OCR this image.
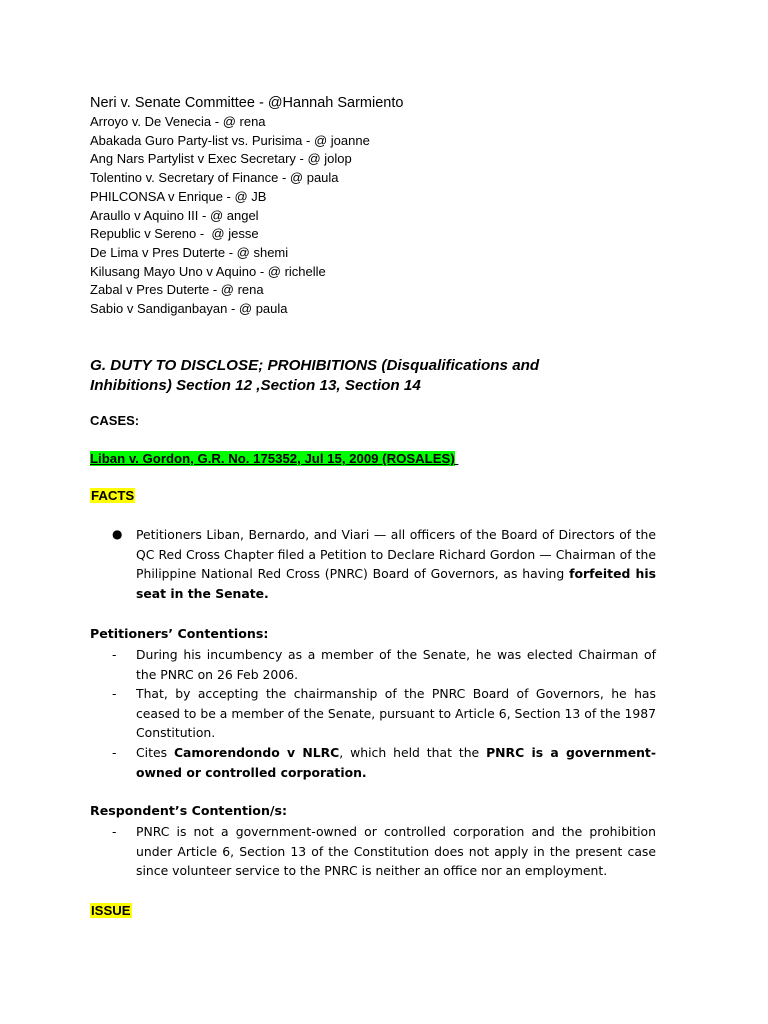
Neri v. Senate Committee - @Hannah Sarmiento
Arroyo v. De Venecia - @ rena
Abakada Guro Party-list vs. Purisima - @ joanne
Ang Nars Partylist v Exec Secretary - @ jolop
Tolentino v. Secretary of Finance - @ paula
PHILCONSA v Enrique - @ JB
Araullo v Aquino III - @ angel
Republic v Sereno -  @ jesse
De Lima v Pres Duterte - @ shemi
Kilusang Mayo Uno v Aquino - @ richelle
Zabal v Pres Duterte - @ rena
Sabio v Sandiganbayan - @ paula
G. DUTY TO DISCLOSE; PROHIBITIONS (Disqualifications and
Inhibitions) Section 12 ,Section 13, Section 14
CASES:
Liban v. Gordon, G.R. No. 175352, Jul 15, 2009 (ROSALES)
FACTS
● Petitioners Liban, Bernardo, and Viari — all officers of the Board of Directors of the QC Red Cross Chapter filed a Petition to Declare Richard Gordon — Chairman of the Philippine National Red Cross (PNRC) Board of Governors, as having forfeited his seat in the Senate.
Petitioners’ Contentions:
- During his incumbency as a member of the Senate, he was elected Chairman of the PNRC on 26 Feb 2006.
- That, by accepting the chairmanship of the PNRC Board of Governors, he has ceased to be a member of the Senate, pursuant to Article 6, Section 13 of the 1987 Constitution.
- Cites Camorendondo v NLRC, which held that the PNRC is a government-owned or controlled corporation.
Respondent’s Contention/s:
- PNRC is not a government-owned or controlled corporation and the prohibition under Article 6, Section 13 of the Constitution does not apply in the present case since volunteer service to the PNRC is neither an office nor an employment.
ISSUE
